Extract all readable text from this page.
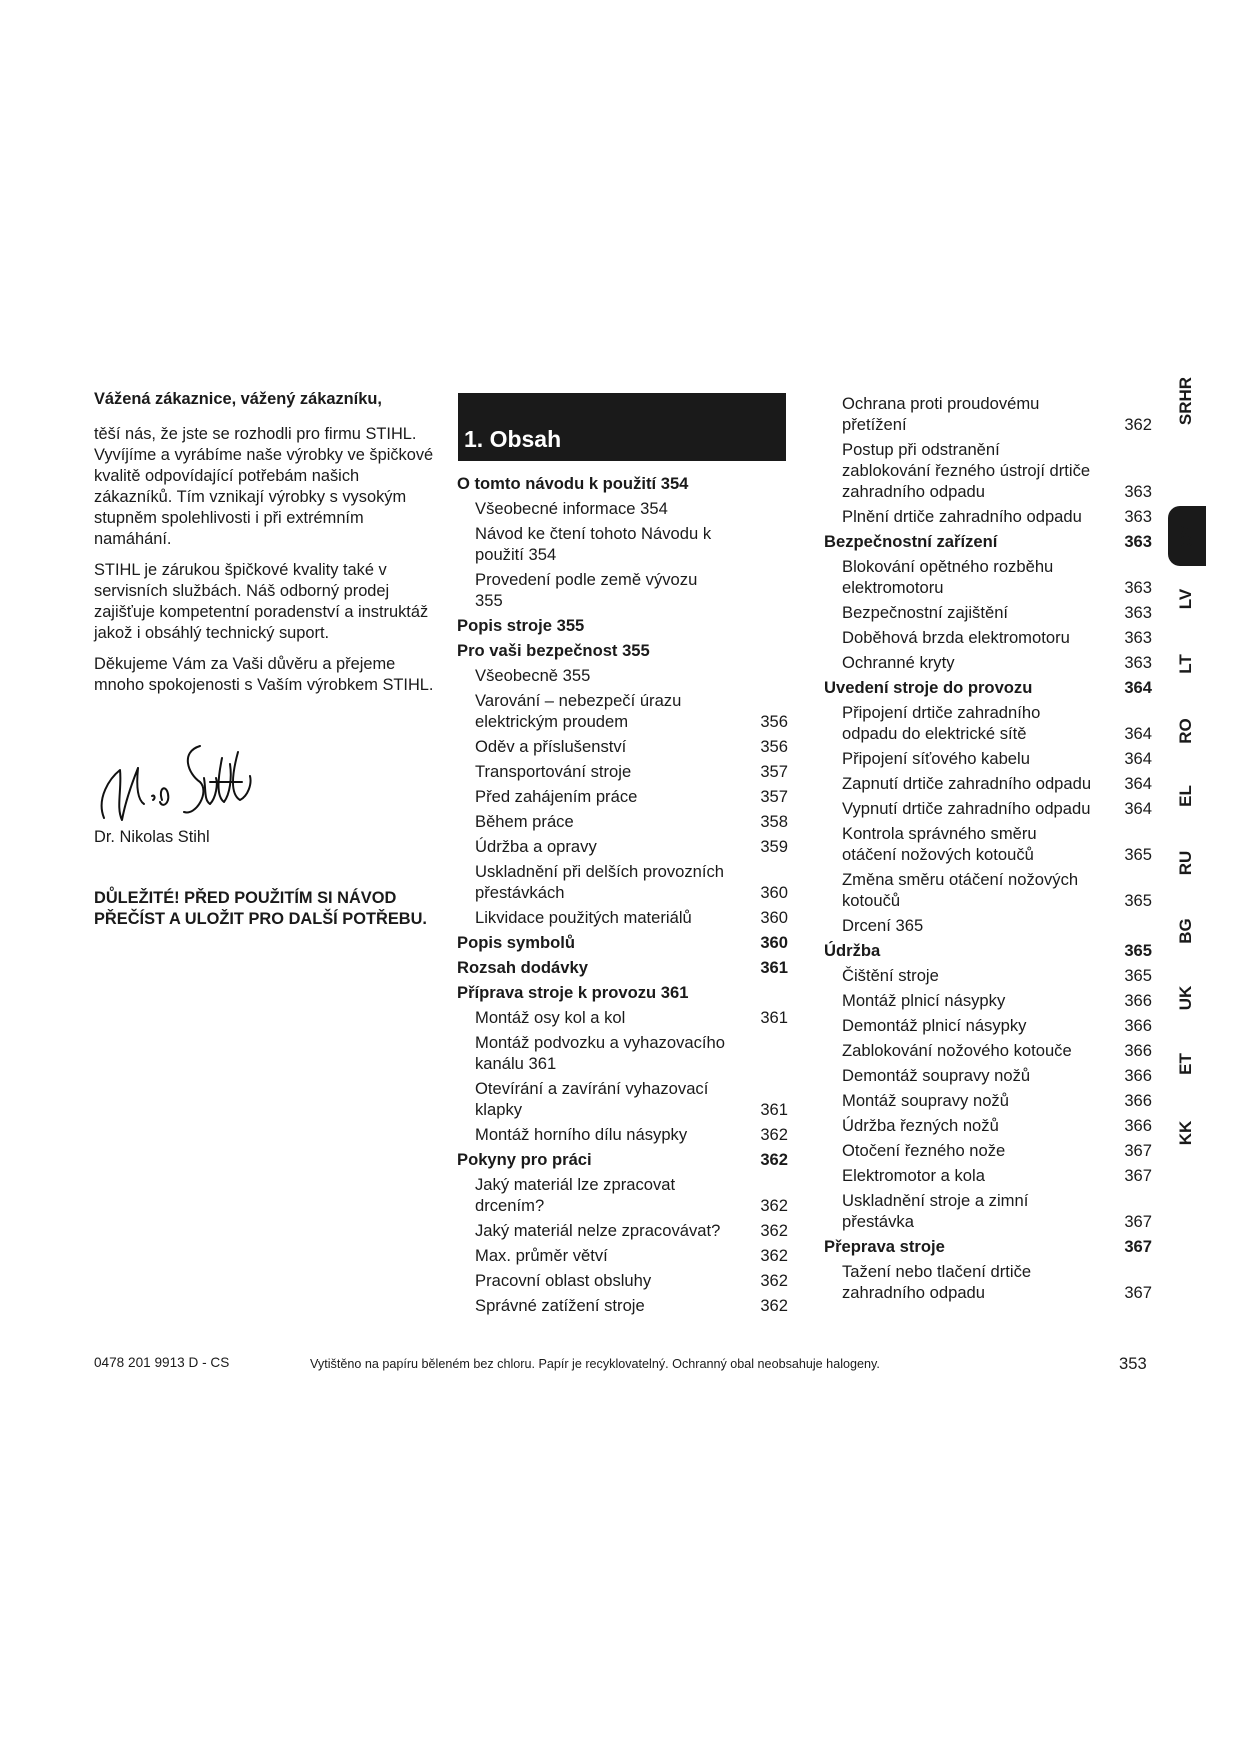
Vážená zákaznice, vážený zákazníku,

těší nás, že jste se rozhodli pro firmu STIHL. Vyvíjíme a vyrábíme naše výrobky ve špičkové kvalitě odpovídající potřebám našich zákazníků. Tím vznikají výrobky s vysokým stupněm spolehlivosti i při extrémním namáhání.

STIHL je zárukou špičkové kvality také v servisních službách. Náš odborný prodej zajišťuje kompetentní poradenství a instruktáž jakož i obsáhlý technický suport.

Děkujeme Vám za Vaši důvěru a přejeme mnoho spokojenosti s Vaším výrobkem STIHL.

Dr. Nikolas Stihl
DŮLEŽITÉ! PŘED POUŽITÍM SI NÁVOD PŘEČÍST A ULOŽIT PRO DALŠÍ POTŘEBU.
1. Obsah
O tomto návodu k použití 354
Všeobecné informace 354
Návod ke čtení tohoto Návodu k použití 354
Provedení podle země vývozu 355
Popis stroje 355
Pro vaši bezpečnost 355
Všeobecně 355
Varování – nebezpečí úrazu elektrickým proudem	356
Oděv a příslušenství	356
Transportování stroje	357
Před zahájením práce	357
Během práce	358
Údržba a opravy	359
Uskladnění při delších provozních přestávkách	360
Likvidace použitých materiálů	360
Popis symbolů	360
Rozsah dodávky	361
Příprava stroje k provozu 361
Montáž osy kol a kol	361
Montáž podvozku a vyhazovacího kanálu 361
Otevírání a zavírání vyhazovací klapky	361
Montáž horního dílu násypky	362
Pokyny pro práci	362
Jaký materiál lze zpracovat drcením?	362
Jaký materiál nelze zpracovávat? 362
Max. průměr větví	362
Pracovní oblast obsluhy	362
Správné zatížení stroje	362
Ochrana proti proudovému přetížení	362
Postup při odstranění zablokování řezného ústrojí drtiče zahradního odpadu	363
Plnění drtiče zahradního odpadu	363
Bezpečnostní zařízení	363
Blokování opětného rozběhu elektromotoru	363
Bezpečnostní zajištění	363
Doběhová brzda elektromotoru	363
Ochranné kryty	363
Uvedení stroje do provozu	364
Připojení drtiče zahradního odpadu do elektrické sítě	364
Připojení síťového kabelu	364
Zapnutí drtiče zahradního odpadu 364
Vypnutí drtiče zahradního odpadu 364
Kontrola správného směru otáčení nožových kotoučů	365
Změna směru otáčení nožových kotoučů	365
Drcení 365
Údržba	365
Čištění stroje	365
Montáž plnicí násypky	366
Demontáž plnicí násypky	366
Zablokování nožového kotouče	366
Demontáž soupravy nožů	366
Montáž soupravy nožů	366
Údržba řezných nožů	366
Otočení řezného nože	367
Elektromotor a kola	367
Uskladnění stroje a zimní přestávka	367
Přeprava stroje	367
Tažení nebo tlačení drtiče zahradního odpadu	367
SRHR
CS
LV
LT
RO
EL
RU
BG
UK
ET
KK
0478 201 9913 D - CS	Vytištěno na papíru běleném bez chloru. Papír je recyklovatelný. Ochranný obal neobsahuje halogeny.	353
